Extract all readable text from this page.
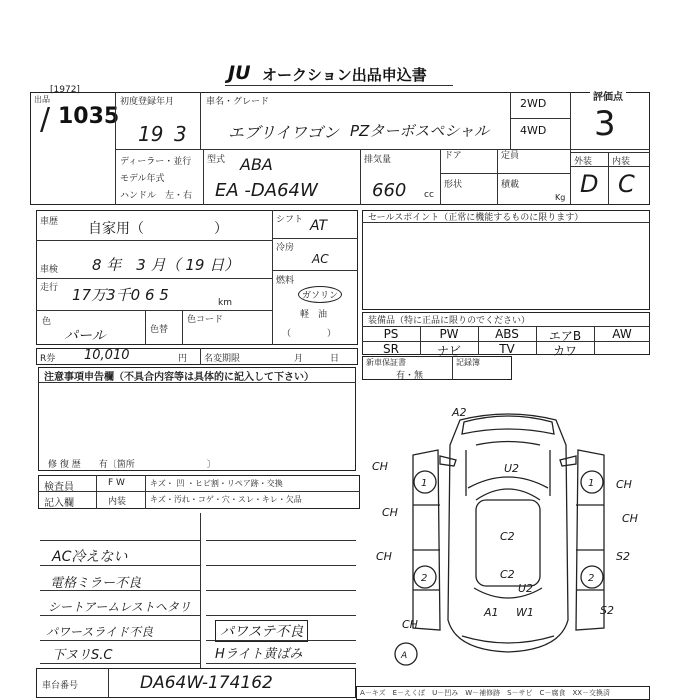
JU オークション出品申込書
[1972]
出品
/ 1035
初度登録年月
19 3
車名・グレード
エブリイワゴン PZターボスペシャル
2WD
4WD
評価点
3
ディーラー・並行
モデル年式
ハンドル　左・右
型式 ABA
EA -DA64W
排気量
660 cc
ドア
形状
定員
積載
Kg
外装 内装
D C
車歴 自家用（　　　　　）
車検 8 年　3 月（ 19 日）
走行 17万3千0 6 5	km
色
パール	色替
色コード
シフト AT
冷房
AC
燃料
ガソリン
軽　油
（　　　　）
R券 10,010	円 名変期限　　　　　　月　　　日
セールスポイント（正常に機能するものに限ります）
装備品（特に正品に限りのでください）
PS	PW	ABS	エアB	AW
SR	ナビ	TV	カワ
新車保証書
有・無
記録簿
注意事項申告欄（不具合内容等は具体的に記入して下さい）
修 復 歴　　有〔箇所　　　　　　　　〕
検査員
記入欄
F W	キズ・ 凹 ・ヒビ割・リペア跡・交換
内装	キズ・汚れ・コゲ・穴・スレ・キレ・欠品
AC冷えない
電格ミラー不良
シートアームレストヘタリ
パワースライド不良
下ヌリS.C
パワステ不良
Hライト黄ばみ
A2
CH	U2
CH
CH	CH
C2
CH	S2
C2
U2
S2
A1 W1
CH
1	1
2	2
A
車台番号	DA64W-174162	A－キズ　E－えくぼ　U－凹み　W－補修跡　S－サビ　C－腐食　XX－交換済
